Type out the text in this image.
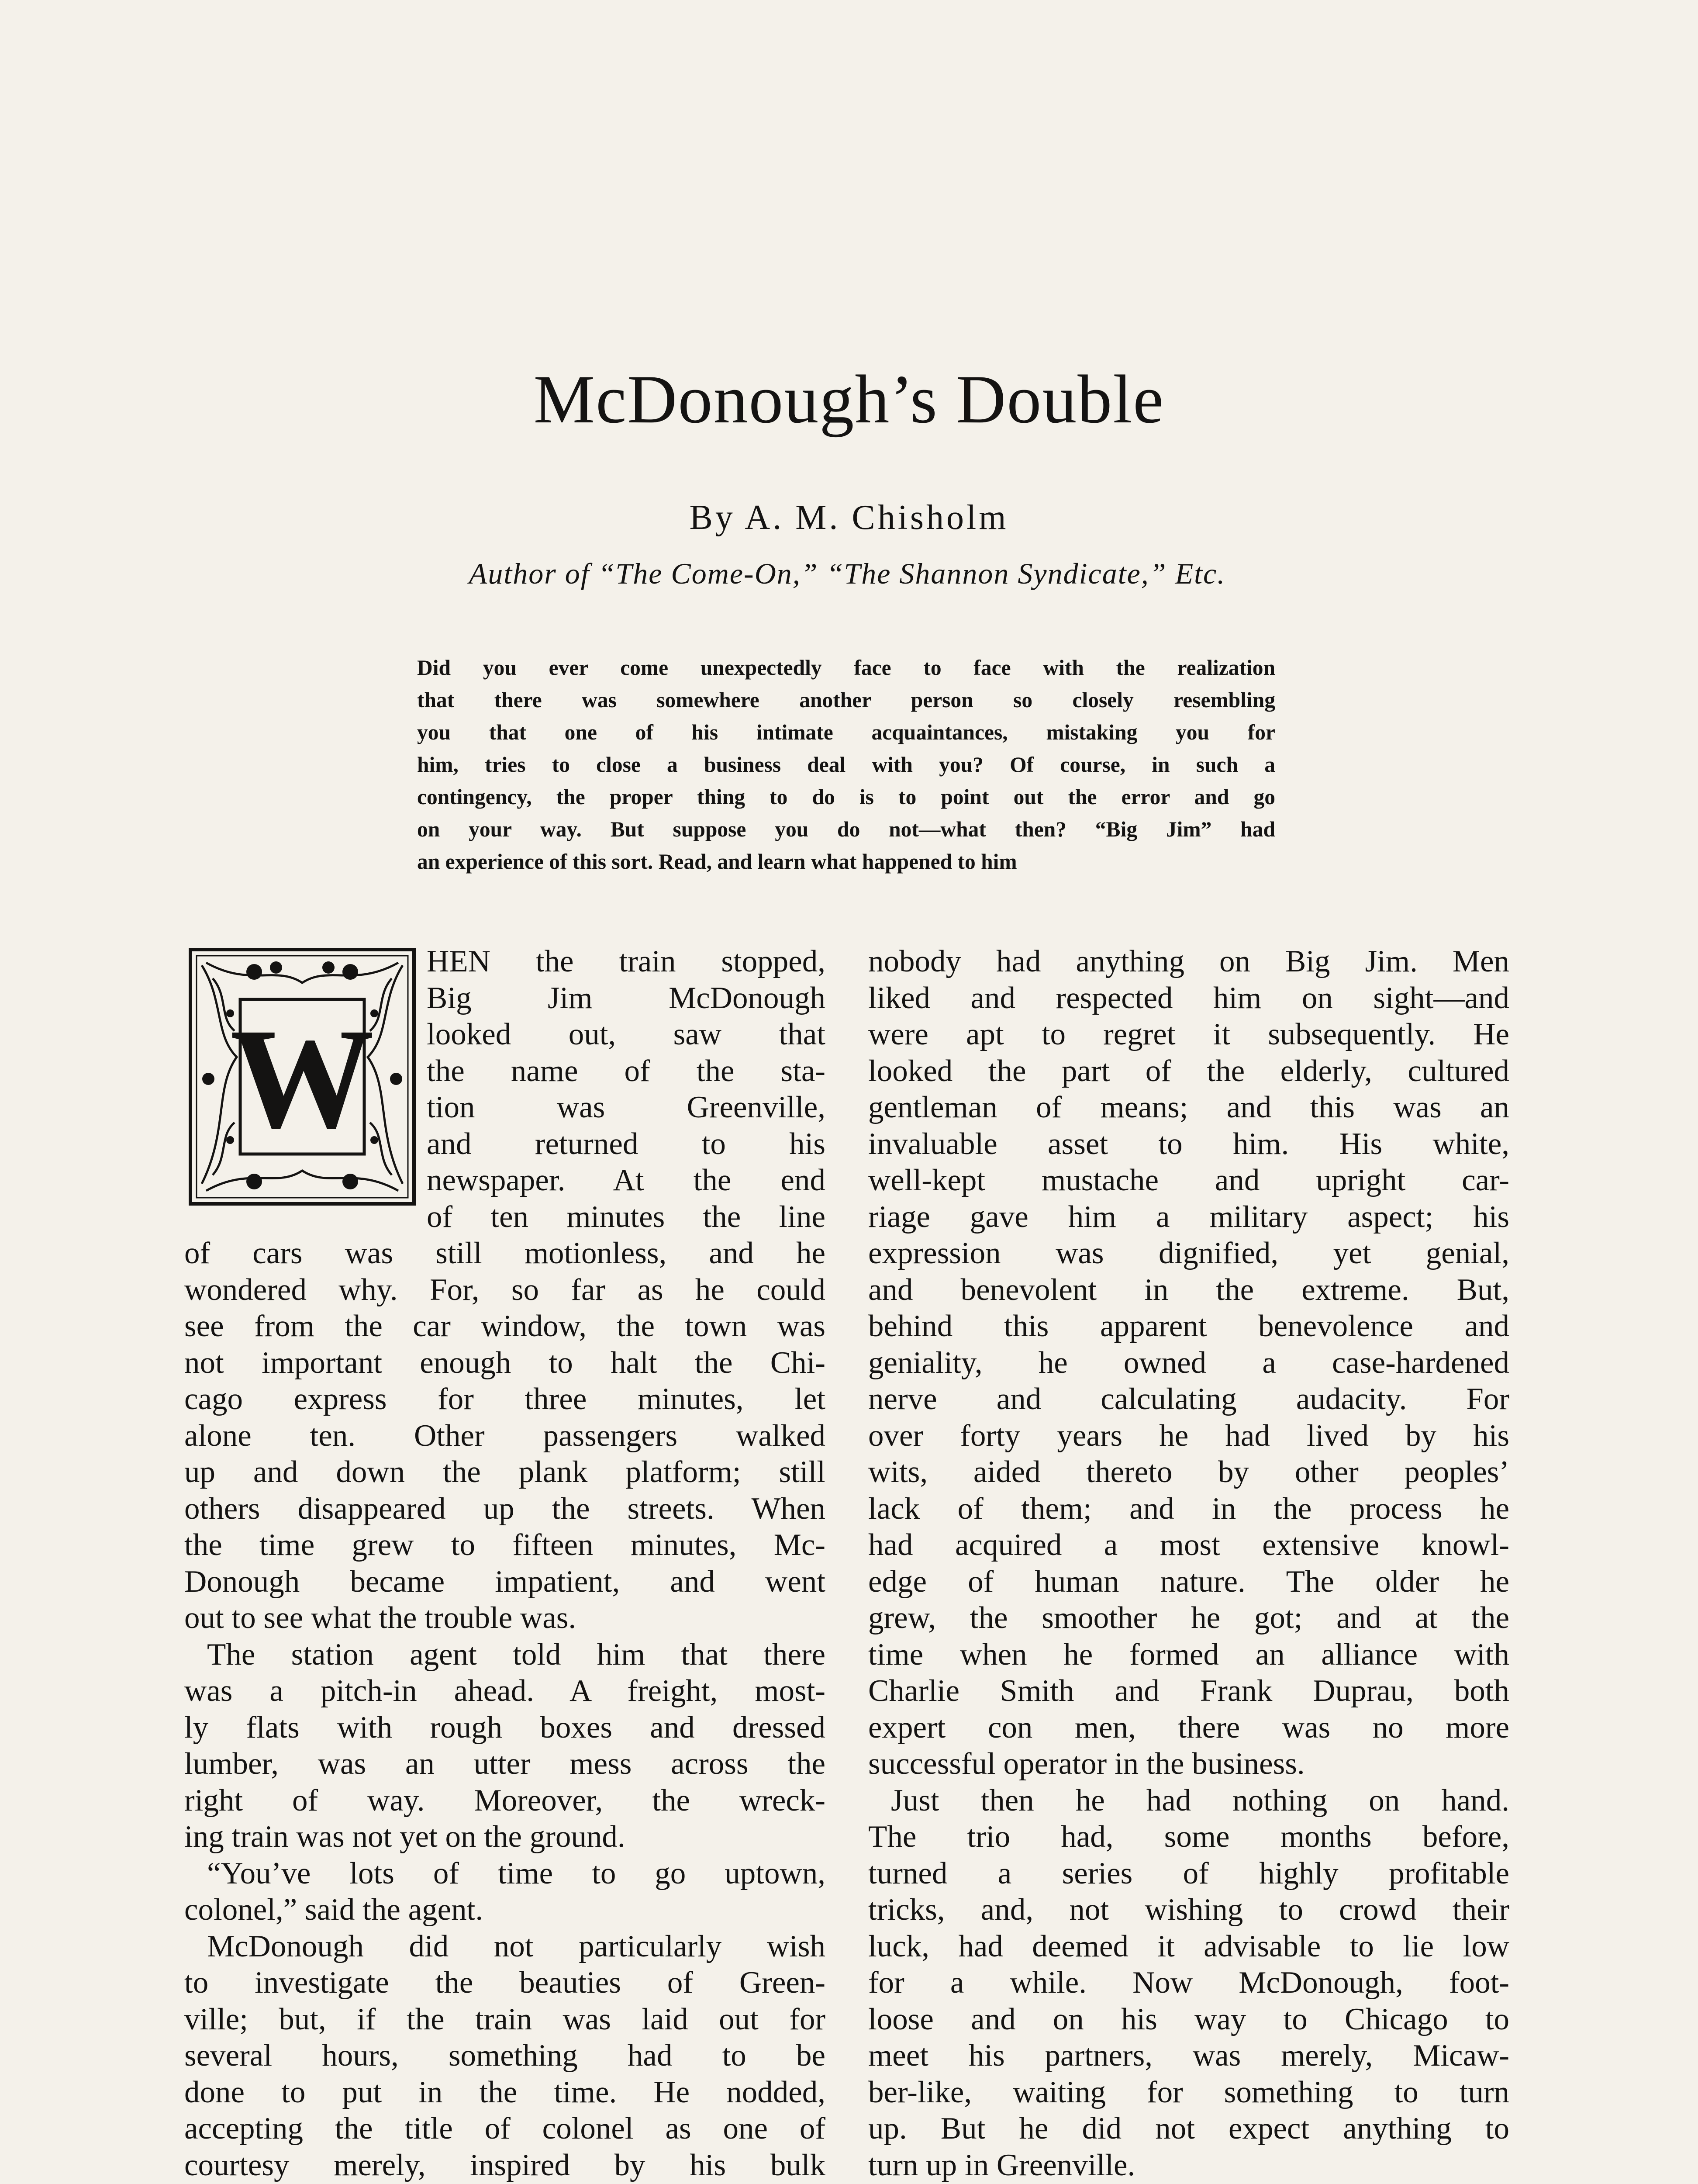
McDonough’s Double
By A. M. Chisholm
Author of “The Come-On,” “The Shannon Syndicate,” Etc.
Did you ever come unexpectedly face to face with the realization
that there was somewhere another person so closely resembling
you that one of his intimate acquaintances, mistaking you for
him, tries to close a business deal with you? Of course, in such a
contingency, the proper thing to do is to point out the error and go
on your way. But suppose you do not—what then? “Big Jim” had
an experience of this sort. Read, and learn what happened to him
W
HEN the train stopped,
Big Jim McDonough
looked out, saw that
the name of the sta-
tion was Greenville,
and returned to his
newspaper. At the end
of ten minutes the line
of cars was still motionless, and he
wondered why. For, so far as he could
see from the car window, the town was
not important enough to halt the Chi-
cago express for three minutes, let
alone ten. Other passengers walked
up and down the plank platform; still
others disappeared up the streets. When
the time grew to fifteen minutes, Mc-
Donough became impatient, and went
out to see what the trouble was.
The station agent told him that there
was a pitch-in ahead. A freight, most-
ly flats with rough boxes and dressed
lumber, was an utter mess across the
right of way. Moreover, the wreck-
ing train was not yet on the ground.
“You’ve lots of time to go uptown,
colonel,” said the agent.
McDonough did not particularly wish
to investigate the beauties of Green-
ville; but, if the train was laid out for
several hours, something had to be
done to put in the time. He nodded,
accepting the title of colonel as one of
courtesy merely, inspired by his bulk
nobody had anything on Big Jim. Men
liked and respected him on sight—and
were apt to regret it subsequently. He
looked the part of the elderly, cultured
gentleman of means; and this was an
invaluable asset to him. His white,
well-kept mustache and upright car-
riage gave him a military aspect; his
expression was dignified, yet genial,
and benevolent in the extreme. But,
behind this apparent benevolence and
geniality, he owned a case-hardened
nerve and calculating audacity. For
over forty years he had lived by his
wits, aided thereto by other peoples’
lack of them; and in the process he
had acquired a most extensive knowl-
edge of human nature. The older he
grew, the smoother he got; and at the
time when he formed an alliance with
Charlie Smith and Frank Duprau, both
expert con men, there was no more
successful operator in the business.
Just then he had nothing on hand.
The trio had, some months before,
turned a series of highly profitable
tricks, and, not wishing to crowd their
luck, had deemed it advisable to lie low
for a while. Now McDonough, foot-
loose and on his way to Chicago to
meet his partners, was merely, Micaw-
ber-like, waiting for something to turn
up. But he did not expect anything to
turn up in Greenville.
